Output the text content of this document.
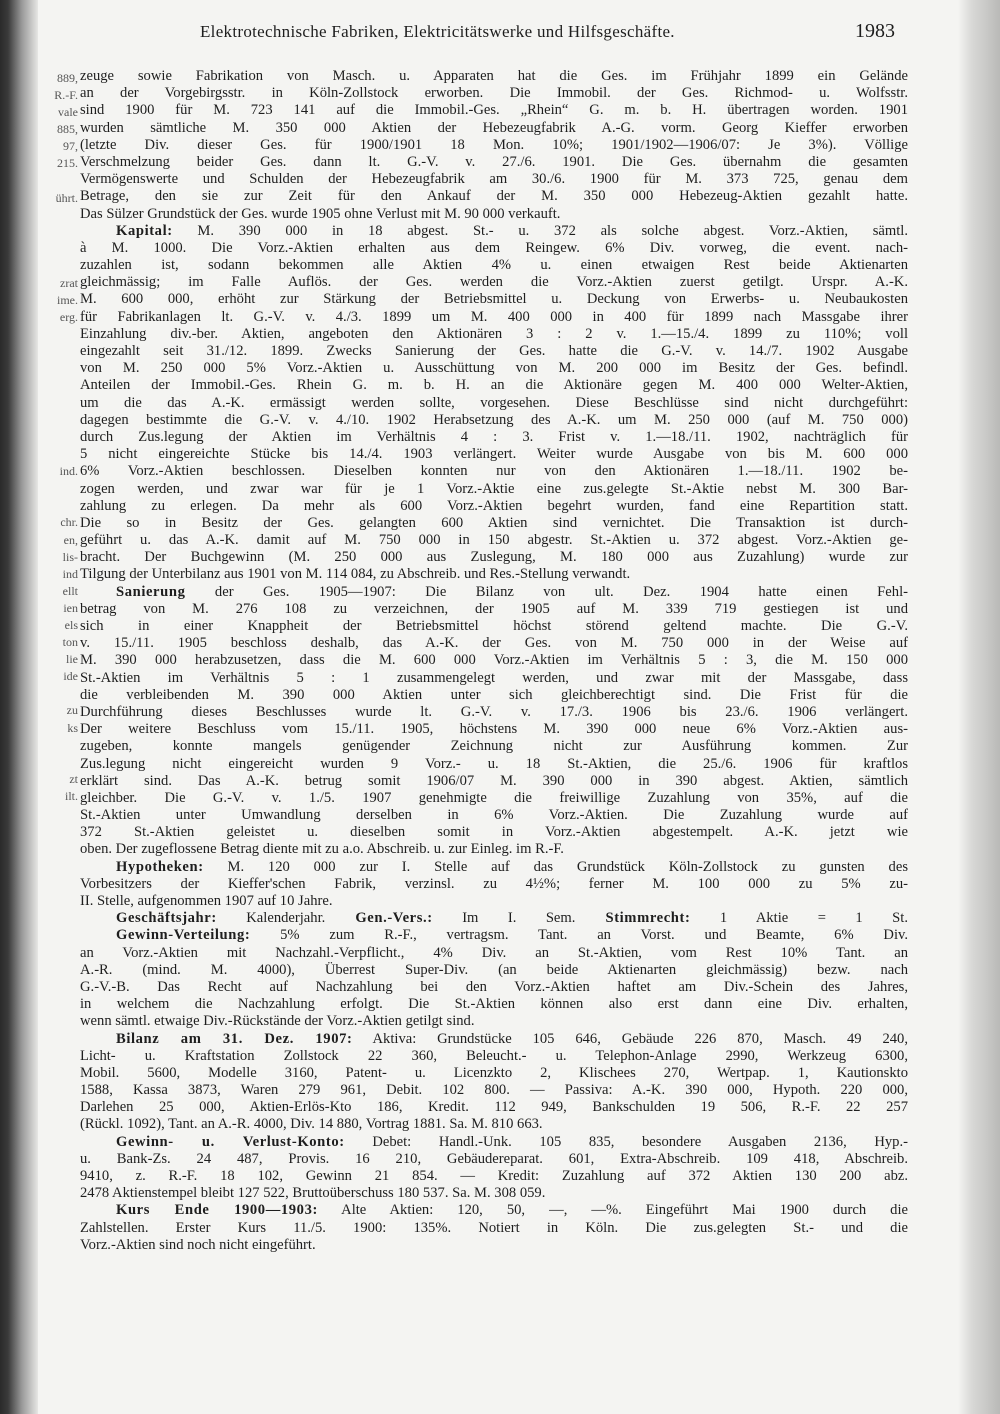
889,
R.-F.
vale
885,
97,
215.
ührt.
zrat
ime.
erg.
ind.
chr.
en,
lis-
ind
ellt
ien
els
ton
lie
ide
zu
ks
zt
ilt.
Elektrotechnische Fabriken, Elektricitätswerke und Hilfsgeschäfte.	1983
zeuge sowie Fabrikation von Masch. u. Apparaten hat die Ges. im Frühjahr 1899 ein Gelände
an der Vorgebirgsstr. in Köln-Zollstock erworben. Die Immobil. der Ges. Richmod- u. Wolfsstr.
sind 1900 für M. 723 141 auf die Immobil.-Ges. „Rhein“ G. m. b. H. übertragen worden. 1901
wurden sämtliche M. 350 000 Aktien der Hebezeugfabrik A.-G. vorm. Georg Kieffer erworben
(letzte Div. dieser Ges. für 1900/1901 18 Mon. 10%; 1901/1902—1906/07: Je 3%). Völlige
Verschmelzung beider Ges. dann lt. G.-V. v. 27./6. 1901. Die Ges. übernahm die gesamten
Vermögenswerte und Schulden der Hebezeugfabrik am 30./6. 1900 für M. 373 725, genau dem
Betrage, den sie zur Zeit für den Ankauf der M. 350 000 Hebezeug-Aktien gezahlt hatte.
Das Sülzer Grundstück der Ges. wurde 1905 ohne Verlust mit M. 90 000 verkauft.
Kapital: M. 390 000 in 18 abgest. St.- u. 372 als solche abgest. Vorz.-Aktien, sämtl.
à M. 1000. Die Vorz.-Aktien erhalten aus dem Reingew. 6% Div. vorweg, die event. nach-
zuzahlen ist, sodann bekommen alle Aktien 4% u. einen etwaigen Rest beide Aktienarten
gleichmässig; im Falle Auflös. der Ges. werden die Vorz.-Aktien zuerst getilgt. Urspr. A.-K.
M. 600 000, erhöht zur Stärkung der Betriebsmittel u. Deckung von Erwerbs- u. Neubaukosten
für Fabrikanlagen lt. G.-V. v. 4./3. 1899 um M. 400 000 in 400 für 1899 nach Massgabe ihrer
Einzahlung div.-ber. Aktien, angeboten den Aktionären 3 : 2 v. 1.—15./4. 1899 zu 110%; voll
eingezahlt seit 31./12. 1899. Zwecks Sanierung der Ges. hatte die G.-V. v. 14./7. 1902 Ausgabe
von M. 250 000 5% Vorz.-Aktien u. Ausschüttung von M. 200 000 im Besitz der Ges. befindl.
Anteilen der Immobil.-Ges. Rhein G. m. b. H. an die Aktionäre gegen M. 400 000 Welter-Aktien,
um die das A.-K. ermässigt werden sollte, vorgesehen. Diese Beschlüsse sind nicht durchgeführt:
dagegen bestimmte die G.-V. v. 4./10. 1902 Herabsetzung des A.-K. um M. 250 000 (auf M. 750 000)
durch Zus.legung der Aktien im Verhältnis 4 : 3. Frist v. 1.—18./11. 1902, nachträglich für
5 nicht eingereichte Stücke bis 14./4. 1903 verlängert. Weiter wurde Ausgabe von bis M. 600 000
6% Vorz.-Aktien beschlossen. Dieselben konnten nur von den Aktionären 1.—18./11. 1902 be-
zogen werden, und zwar war für je 1 Vorz.-Aktie eine zus.gelegte St.-Aktie nebst M. 300 Bar-
zahlung zu erlegen. Da mehr als 600 Vorz.-Aktien begehrt wurden, fand eine Repartition statt.
Die so in Besitz der Ges. gelangten 600 Aktien sind vernichtet. Die Transaktion ist durch-
geführt u. das A.-K. damit auf M. 750 000 in 150 abgestr. St.-Aktien u. 372 abgest. Vorz.-Aktien ge-
bracht. Der Buchgewinn (M. 250 000 aus Zuslegung, M. 180 000 aus Zuzahlung) wurde zur
Tilgung der Unterbilanz aus 1901 von M. 114 084, zu Abschreib. und Res.-Stellung verwandt.
Sanierung der Ges. 1905—1907: Die Bilanz von ult. Dez. 1904 hatte einen Fehl-
betrag von M. 276 108 zu verzeichnen, der 1905 auf M. 339 719 gestiegen ist und
sich in einer Knappheit der Betriebsmittel höchst störend geltend machte. Die G.-V.
v. 15./11. 1905 beschloss deshalb, das A.-K. der Ges. von M. 750 000 in der Weise auf
M. 390 000 herabzusetzen, dass die M. 600 000 Vorz.-Aktien im Verhältnis 5 : 3, die M. 150 000
St.-Aktien im Verhältnis 5 : 1 zusammengelegt werden, und zwar mit der Massgabe, dass
die verbleibenden M. 390 000 Aktien unter sich gleichberechtigt sind. Die Frist für die
Durchführung dieses Beschlusses wurde lt. G.-V. v. 17./3. 1906 bis 23./6. 1906 verlängert.
Der weitere Beschluss vom 15./11. 1905, höchstens M. 390 000 neue 6% Vorz.-Aktien aus-
zugeben, konnte mangels genügender Zeichnung nicht zur Ausführung kommen. Zur
Zus.legung nicht eingereicht wurden 9 Vorz.- u. 18 St.-Aktien, die 25./6. 1906 für kraftlos
erklärt sind. Das A.-K. betrug somit 1906/07 M. 390 000 in 390 abgest. Aktien, sämtlich
gleichber. Die G.-V. v. 1./5. 1907 genehmigte die freiwillige Zuzahlung von 35%, auf die
St.-Aktien unter Umwandlung derselben in 6% Vorz.-Aktien. Die Zuzahlung wurde auf
372 St.-Aktien geleistet u. dieselben somit in Vorz.-Aktien abgestempelt. A.-K. jetzt wie
oben. Der zugeflossene Betrag diente mit zu a.o. Abschreib. u. zur Einleg. im R.-F.
Hypotheken: M. 120 000 zur I. Stelle auf das Grundstück Köln-Zollstock zu gunsten des
Vorbesitzers der Kieffer'schen Fabrik, verzinsl. zu 4½%; ferner M. 100 000 zu 5% zu-
II. Stelle, aufgenommen 1907 auf 10 Jahre.
Geschäftsjahr: Kalenderjahr. Gen.-Vers.: Im I. Sem. Stimmrecht: 1 Aktie = 1 St.
Gewinn-Verteilung: 5% zum R.-F., vertragsm. Tant. an Vorst. und Beamte, 6% Div.
an Vorz.-Aktien mit Nachzahl.-Verpflicht., 4% Div. an St.-Aktien, vom Rest 10% Tant. an
A.-R. (mind. M. 4000), Überrest Super-Div. (an beide Aktienarten gleichmässig) bezw. nach
G.-V.-B. Das Recht auf Nachzahlung bei den Vorz.-Aktien haftet am Div.-Schein des Jahres,
in welchem die Nachzahlung erfolgt. Die St.-Aktien können also erst dann eine Div. erhalten,
wenn sämtl. etwaige Div.-Rückstände der Vorz.-Aktien getilgt sind.
Bilanz am 31. Dez. 1907: Aktiva: Grundstücke 105 646, Gebäude 226 870, Masch. 49 240,
Licht- u. Kraftstation Zollstock 22 360, Beleucht.- u. Telephon-Anlage 2990, Werkzeug 6300,
Mobil. 5600, Modelle 3160, Patent- u. Licenzkto 2, Klischees 270, Wertpap. 1, Kautionskto
1588, Kassa 3873, Waren 279 961, Debit. 102 800. — Passiva: A.-K. 390 000, Hypoth. 220 000,
Darlehen 25 000, Aktien-Erlös-Kto 186, Kredit. 112 949, Bankschulden 19 506, R.-F. 22 257
(Rückl. 1092), Tant. an A.-R. 4000, Div. 14 880, Vortrag 1881. Sa. M. 810 663.
Gewinn- u. Verlust-Konto: Debet: Handl.-Unk. 105 835, besondere Ausgaben 2136, Hyp.-
u. Bank-Zs. 24 487, Provis. 16 210, Gebäudereparat. 601, Extra-Abschreib. 109 418, Abschreib.
9410, z. R.-F. 18 102, Gewinn 21 854. — Kredit: Zuzahlung auf 372 Aktien 130 200 abz.
2478 Aktienstempel bleibt 127 522, Bruttoüberschuss 180 537. Sa. M. 308 059.
Kurs Ende 1900—1903: Alte Aktien: 120, 50, —, —%. Eingeführt Mai 1900 durch die
Zahlstellen. Erster Kurs 11./5. 1900: 135%. Notiert in Köln. Die zus.gelegten St.- und die
Vorz.-Aktien sind noch nicht eingeführt.
